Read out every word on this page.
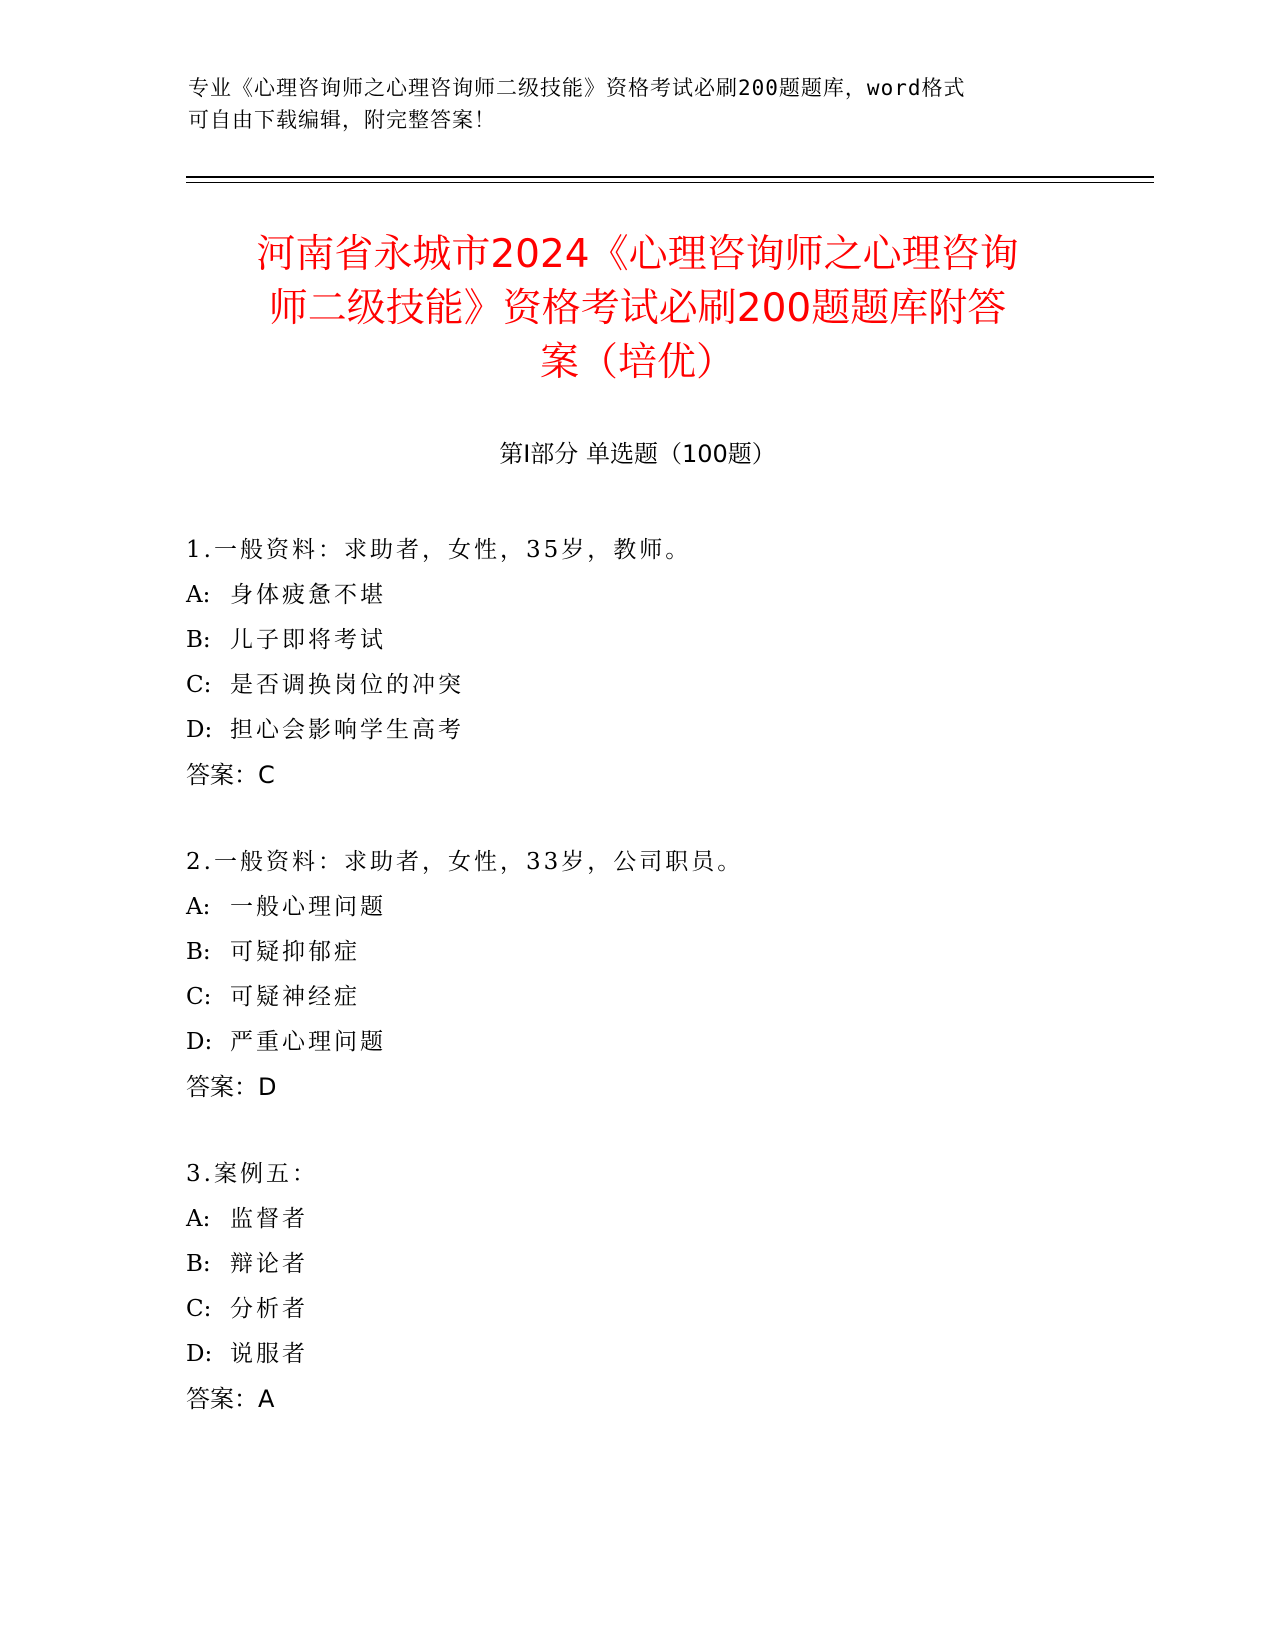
专业《心理咨询师之心理咨询师二级技能》资格考试必刷200题题库，word格式
可自由下载编辑，附完整答案！
河南省永城市2024《心理咨询师之心理咨询
师二级技能》资格考试必刷200题题库附答
案（培优）
第Ⅰ部分 单选题（100题）
1.一般资料：求助者，女性，35岁，教师。
A: 身体疲惫不堪
B: 儿子即将考试
C: 是否调换岗位的冲突
D: 担心会影响学生高考
答案：C
2.一般资料：求助者，女性，33岁，公司职员。
A: 一般心理问题
B: 可疑抑郁症
C: 可疑神经症
D: 严重心理问题
答案：D
3.案例五：
A: 监督者
B: 辩论者
C: 分析者
D: 说服者
答案：A
